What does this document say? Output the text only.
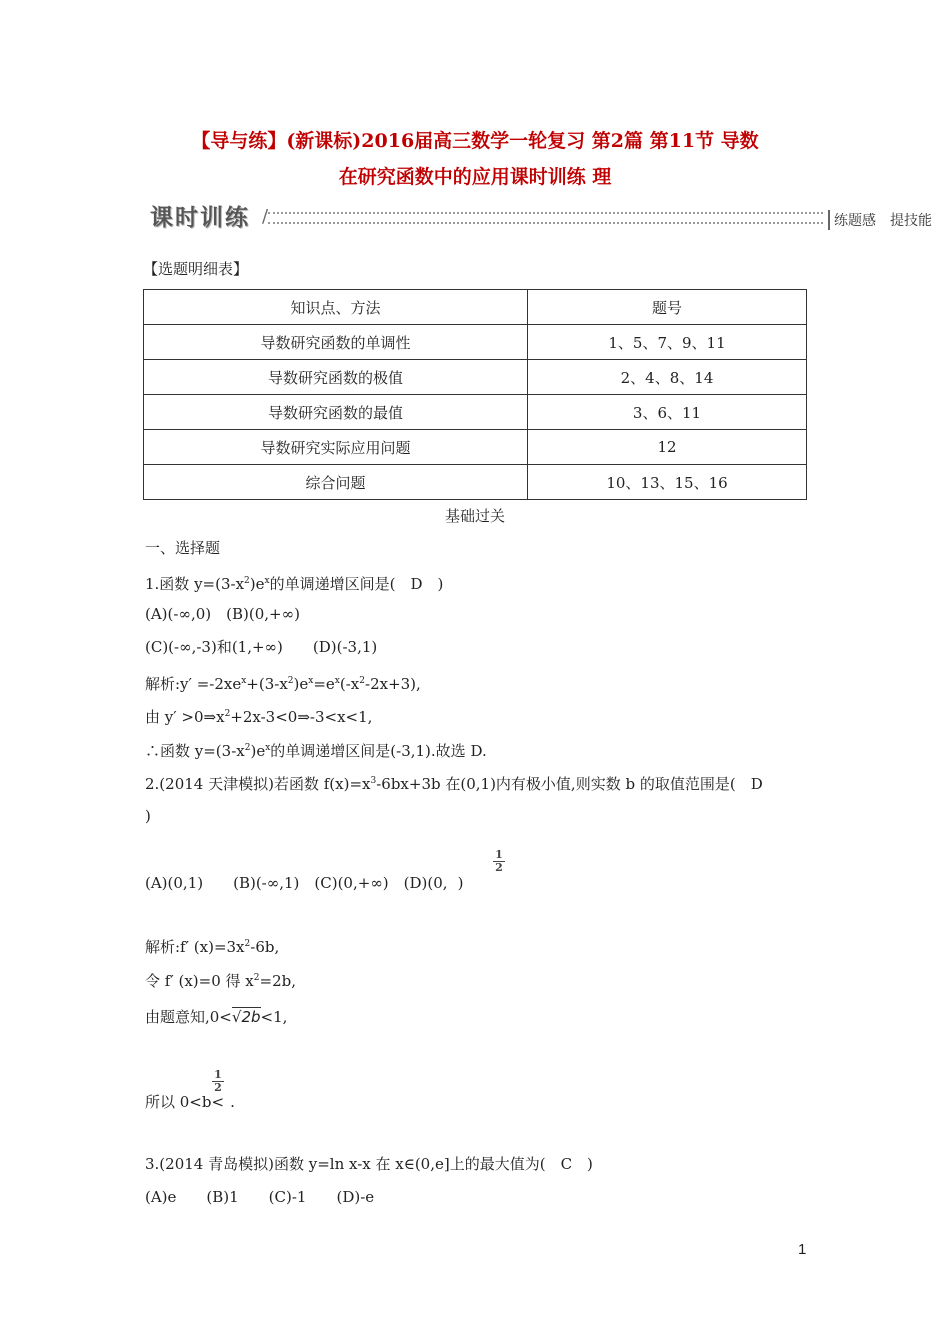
【导与练】(新课标)2016届高三数学一轮复习 第2篇 第11节 导数
在研究函数中的应用课时训练 理
课时训练 /	练题感　提技能
【选题明细表】
知识点、方法	题号
导数研究函数的单调性	1、5、7、9、11
导数研究函数的极值	2、4、8、14
导数研究函数的最值	3、6、11
导数研究实际应用问题	12
综合问题	10、13、15、16
基础过关
一、选择题
1.函数 $y=(3-x^2)e^x$的单调递增区间是(　D　)
(A)(-∞,0)　(B)(0,+∞)
(C)(-∞,-3)和(1,+∞)　　(D)(-3,1)
解析:y′ $=-2xe^x+(3-x^2)e^x=e^x(-x^2-2x+3)$,
由 $y' >0\Rightarrow x^2+2x-3<0\Rightarrow-3<x<1$,
∴函数 $y=(3-x^2)e^x$的单调递增区间是(-3,1).故选 D.
2.(2014 天津模拟)若函数 $f(x)=x^3-6bx+3b$ 在(0,1)内有极小值,则实数 b 的取值范围是(　D
)
(A)(0,1)　　(B)(-∞,1)　(C)(0,+∞)　(D)(0, )
$\frac{1}{2}$
解析:f′ $(x)=3x^2-6b$,
令 f′ (x)=0 得 $x^2=2b$,
由题意知,0<√2b<1,
所以 0<b< .
$\frac{1}{2}$
3.(2014 青岛模拟)函数 y=ln x-x 在 x∈(0,e]上的最大值为(　C　)
(A)e　　(B)1　　(C)-1　　(D)-e
1
